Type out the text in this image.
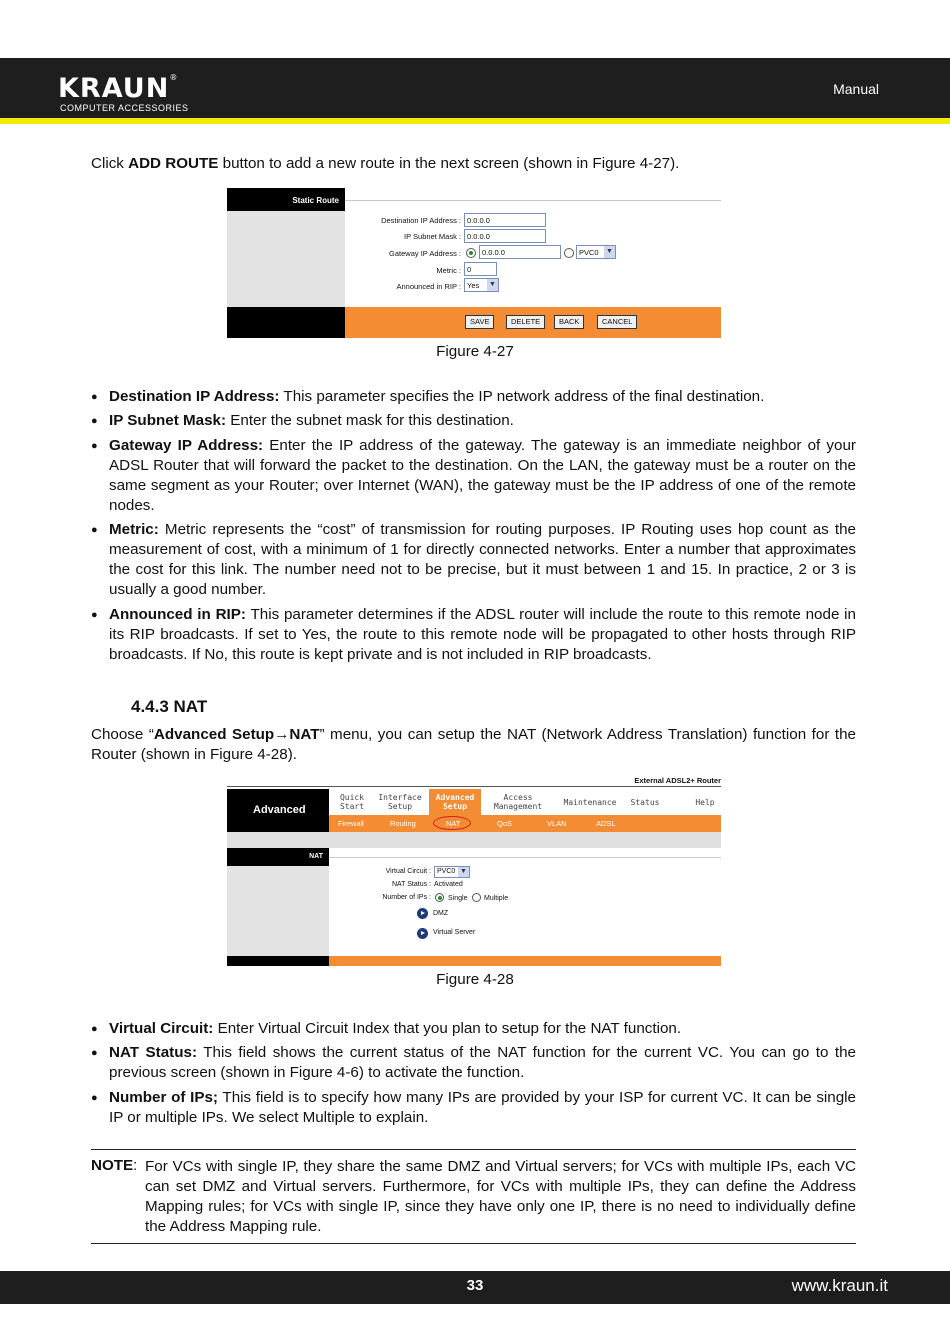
KRAUN®
COMPUTER ACCESSORIES
Manual
Click ADD ROUTE button to add a new route in the next screen (shown in Figure 4-27).
Static Route
Destination IP Address : 0.0.0.0
IP Subnet Mask : 0.0.0.0
Gateway IP Address :	0.0.0.0	PVC0 ▼
Metric : 0
Announced in RIP : Yes ▼
SAVE	DELETE	BACK	CANCEL
Figure 4-27
● Destination IP Address: This parameter specifies the IP network address of the final destination.
● IP Subnet Mask: Enter the subnet mask for this destination.
● Gateway IP Address: Enter the IP address of the gateway. The gateway is an immediate neighbor of your ADSL Router that will forward the packet to the destination. On the LAN, the gateway must be a router on the same segment as your Router; over Internet (WAN), the gateway must be the IP address of one of the remote nodes.
● Metric: Metric represents the “cost” of transmission for routing purposes. IP Routing uses hop count as the measurement of cost, with a minimum of 1 for directly connected networks. Enter a number that approximates the cost for this link. The number need not to be precise, but it must between 1 and 15. In practice, 2 or 3 is usually a good number.
● Announced in RIP: This parameter determines if the ADSL router will include the route to this remote node in its RIP broadcasts. If set to Yes, the route to this remote node will be propagated to other hosts through RIP broadcasts. If No, this route is kept private and is not included in RIP broadcasts.
4.4.3 NAT
Choose “Advanced Setup→NAT” menu, you can setup the NAT (Network Address Translation) function for the Router (shown in Figure 4-28).
External ADSL2+ Router
Advanced
Quick
Start
Interface
Setup
Advanced
Setup
Access
Management	Maintenance	Status	Help
Firewall	Routing	NAT	QoS	VLAN	ADSL
NAT
Virtual Circuit : PVC0 ▼
NAT Status : Activated
Number of IPs : Single Multiple
DMZ
Virtual Server
Figure 4-28
● Virtual Circuit: Enter Virtual Circuit Index that you plan to setup for the NAT function.
● NAT Status: This field shows the current status of the NAT function for the current VC. You can go to the previous screen (shown in Figure 4-6) to activate the function.
● Number of IPs; This field is to specify how many IPs are provided by your ISP for current VC. It can be single IP or multiple IPs. We select Multiple to explain.
NOTE : For VCs with single IP, they share the same DMZ and Virtual servers; for VCs with multiple IPs, each VC can set DMZ and Virtual servers. Furthermore, for VCs with multiple IPs, they can define the Address Mapping rules; for VCs with single IP, since they have only one IP, there is no need to individually define the Address Mapping rule.
33	www.kraun.it
